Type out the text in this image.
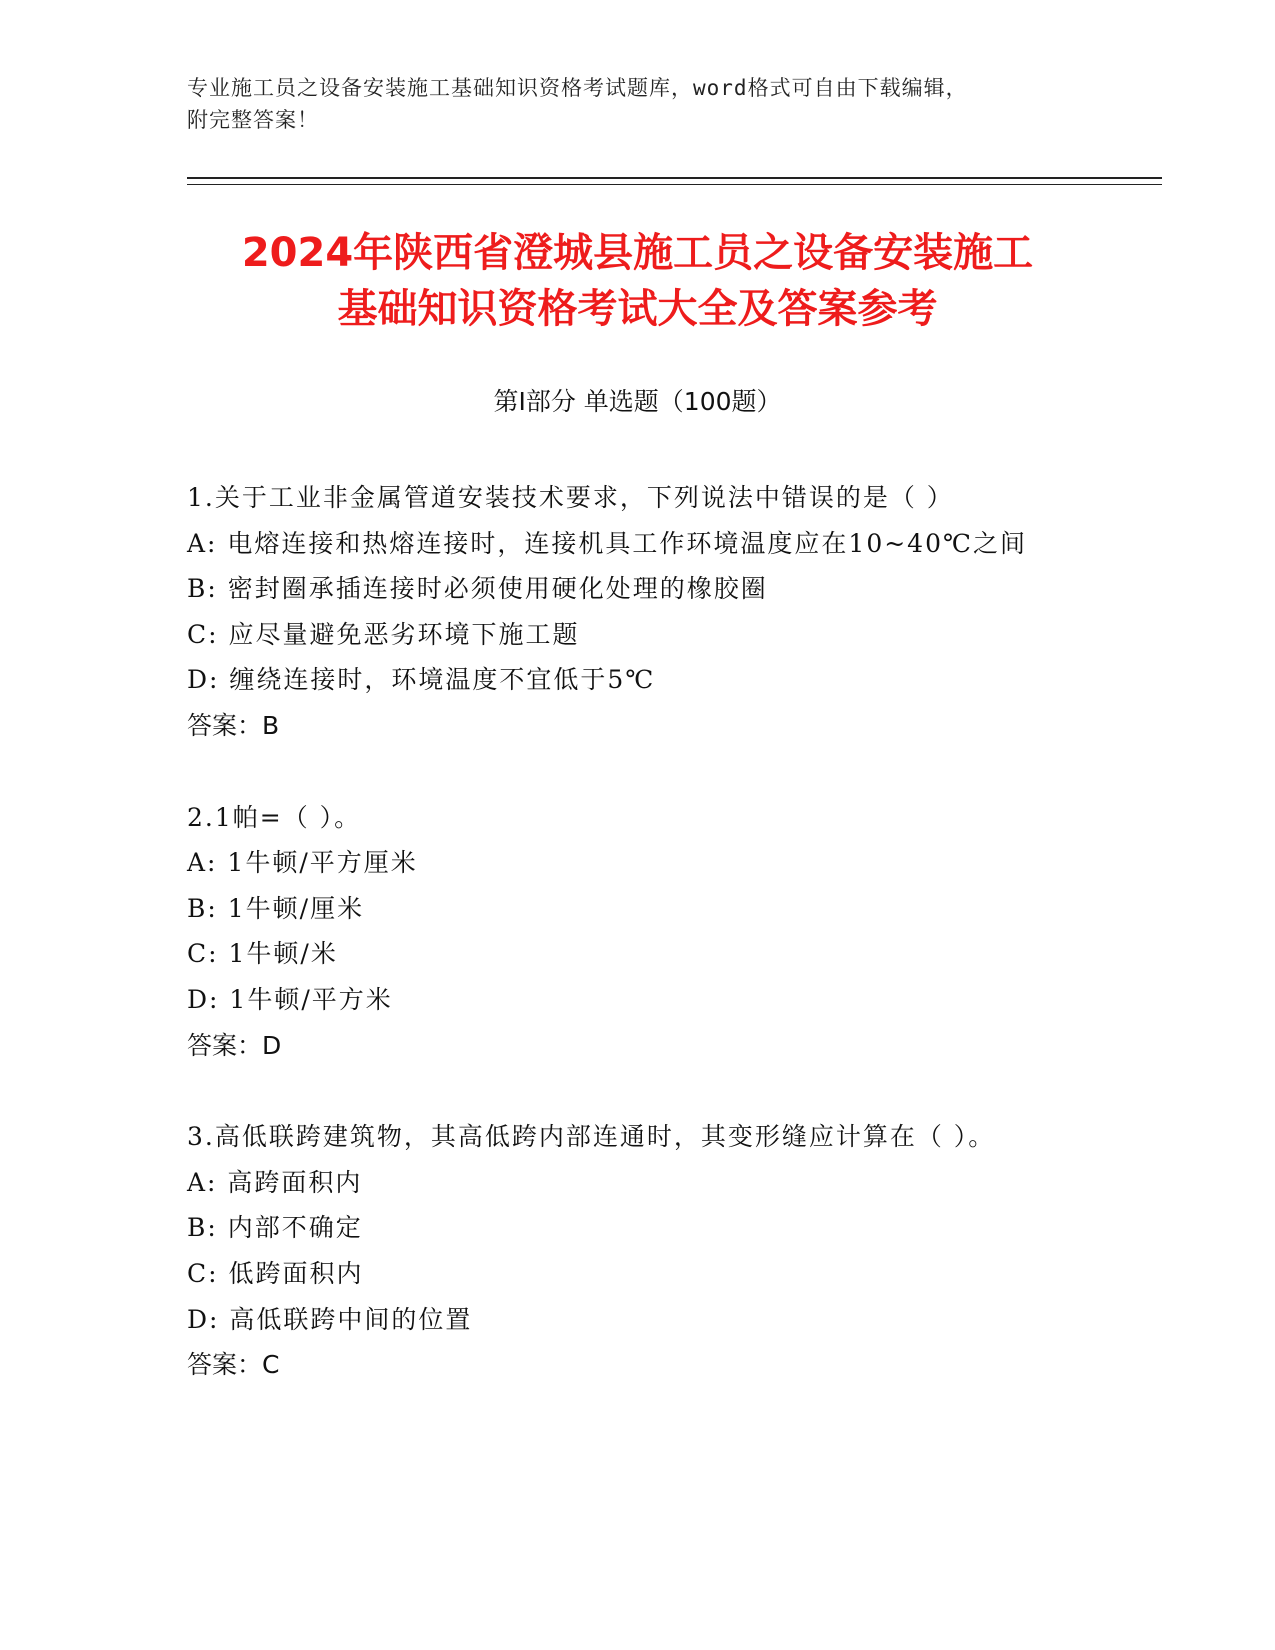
专业施工员之设备安装施工基础知识资格考试题库，word格式可自由下载编辑，
附完整答案！
2024年陕西省澄城县施工员之设备安装施工
基础知识资格考试大全及答案参考
第Ⅰ部分 单选题（100题）
1.关于工业非金属管道安装技术要求，下列说法中错误的是（ ）
A: 电熔连接和热熔连接时，连接机具工作环境温度应在10~40℃之间
B: 密封圈承插连接时必须使用硬化处理的橡胶圈
C: 应尽量避免恶劣环境下施工题
D: 缠绕连接时，环境温度不宜低于5℃
答案：B
2.1帕=（ ）。
A: 1牛顿/平方厘米
B: 1牛顿/厘米
C: 1牛顿/米
D: 1牛顿/平方米
答案：D
3.高低联跨建筑物，其高低跨内部连通时，其变形缝应计算在（ ）。
A: 高跨面积内
B: 内部不确定
C: 低跨面积内
D: 高低联跨中间的位置
答案：C
